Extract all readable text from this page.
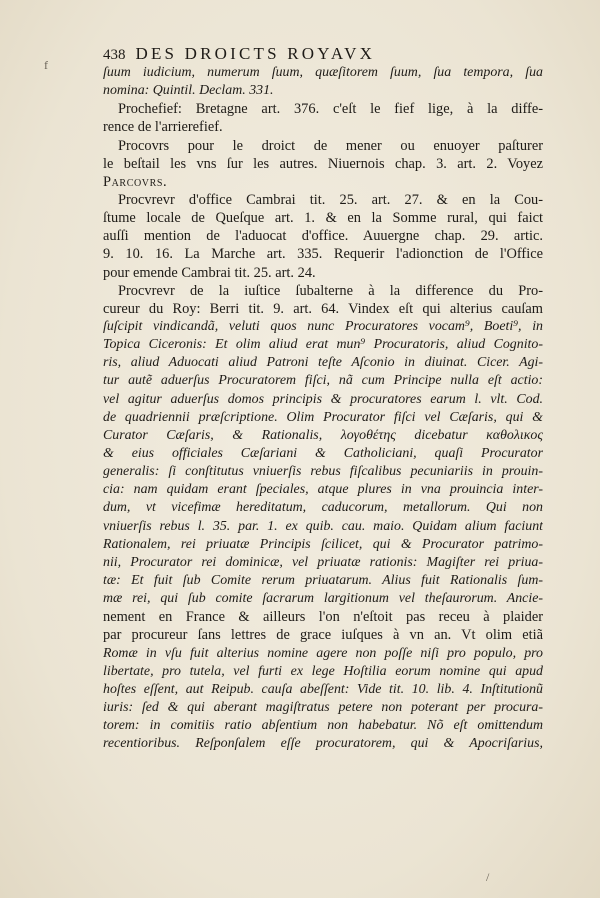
438 DES DROICTS ROYAVX
f	ſuum iudicium, numerum ſuum, quæſitorem ſuum, ſua tempora, ſua
nomina: Quintil. Declam. 331.
Prochefief: Bretagne art. 376. c'eſt le fief lige, à la diffe-
rence de l'arrierefief.
Procovrs pour le droict de mener ou enuoyer paſturer
le beſtail les vns ſur les autres. Niuernois chap. 3. art. 2. Voyez
Parcovrs.
Procvrevr d'office Cambrai tit. 25. art. 27. & en la Cou-
ſtume locale de Queſque art. 1. & en la Somme rural, qui faict
auſſi mention de l'aduocat d'office. Auuergne chap. 29. artic.
9. 10. 16. La Marche art. 335. Requerir l'adionction de l'Office
pour emende Cambrai tit. 25. art. 24.
Procvrevr de la iuſtice ſubalterne à la difference du Pro-
cureur du Roy: Berri tit. 9. art. 64. Vindex eſt qui alterius cauſam
ſuſcipit vindicandã, veluti quos nunc Procuratores vocam⁹, Boeti⁹, in
Topica Ciceronis: Et olim aliud erat mun⁹ Procuratoris, aliud Cognito-
ris, aliud Aduocati aliud Patroni teſte Aſconio in diuinat. Cicer. Agi-
tur autẽ aduerſus Procuratorem fiſci, nã cum Principe nulla eſt actio:
vel agitur aduerſus domos principis & procuratores earum l. vlt. Cod.
de quadriennii præſcriptione. Olim Procurator fiſci vel Cæſaris, qui &
Curator Cæſaris, & Rationalis, λογοθέτης dicebatur καθολικος
& eius officiales Cæſariani & Catholiciani, quaſi Procurator
generalis: ſi conſtitutus vniuerſis rebus fiſcalibus pecuniariis in prouin-
cia: nam quidam erant ſpeciales, atque plures in vna prouincia inter-
dum, vt vicefimæ hereditatum, caducorum, metallorum. Qui non
vniuerſis rebus l. 35. par. 1. ex quib. cau. maio. Quidam alium faciunt
Rationalem, rei priuatæ Principis ſcilicet, qui & Procurator patrimo-
nii, Procurator rei dominicæ, vel priuatæ rationis: Magiſter rei priua-
tæ: Et fuit ſub Comite rerum priuatarum. Alius fuit Rationalis ſum-
mæ rei, qui ſub comite ſacrarum largitionum vel theſaurorum. Ancie-
nement en France & ailleurs l'on n'eſtoit pas receu à plaider
par procureur ſans lettres de grace iuſques à vn an. Vt olim etiã
Romæ in vſu fuit alterius nomine agere non poſſe niſi pro populo, pro
libertate, pro tutela, vel furti ex lege Hoſtilia eorum nomine qui apud
hoſtes eſſent, aut Reipub. cauſa abeſſent: Vide tit. 10. lib. 4. Inſtitutionũ
iuris: ſed & qui aberant magiſtratus petere non poterant per procura-
torem: in comitiis ratio abſentium non habebatur. Nõ eſt omittendum
recentioribus. Reſponſalem eſſe procuratorem, qui & Apocriſarius,
/
